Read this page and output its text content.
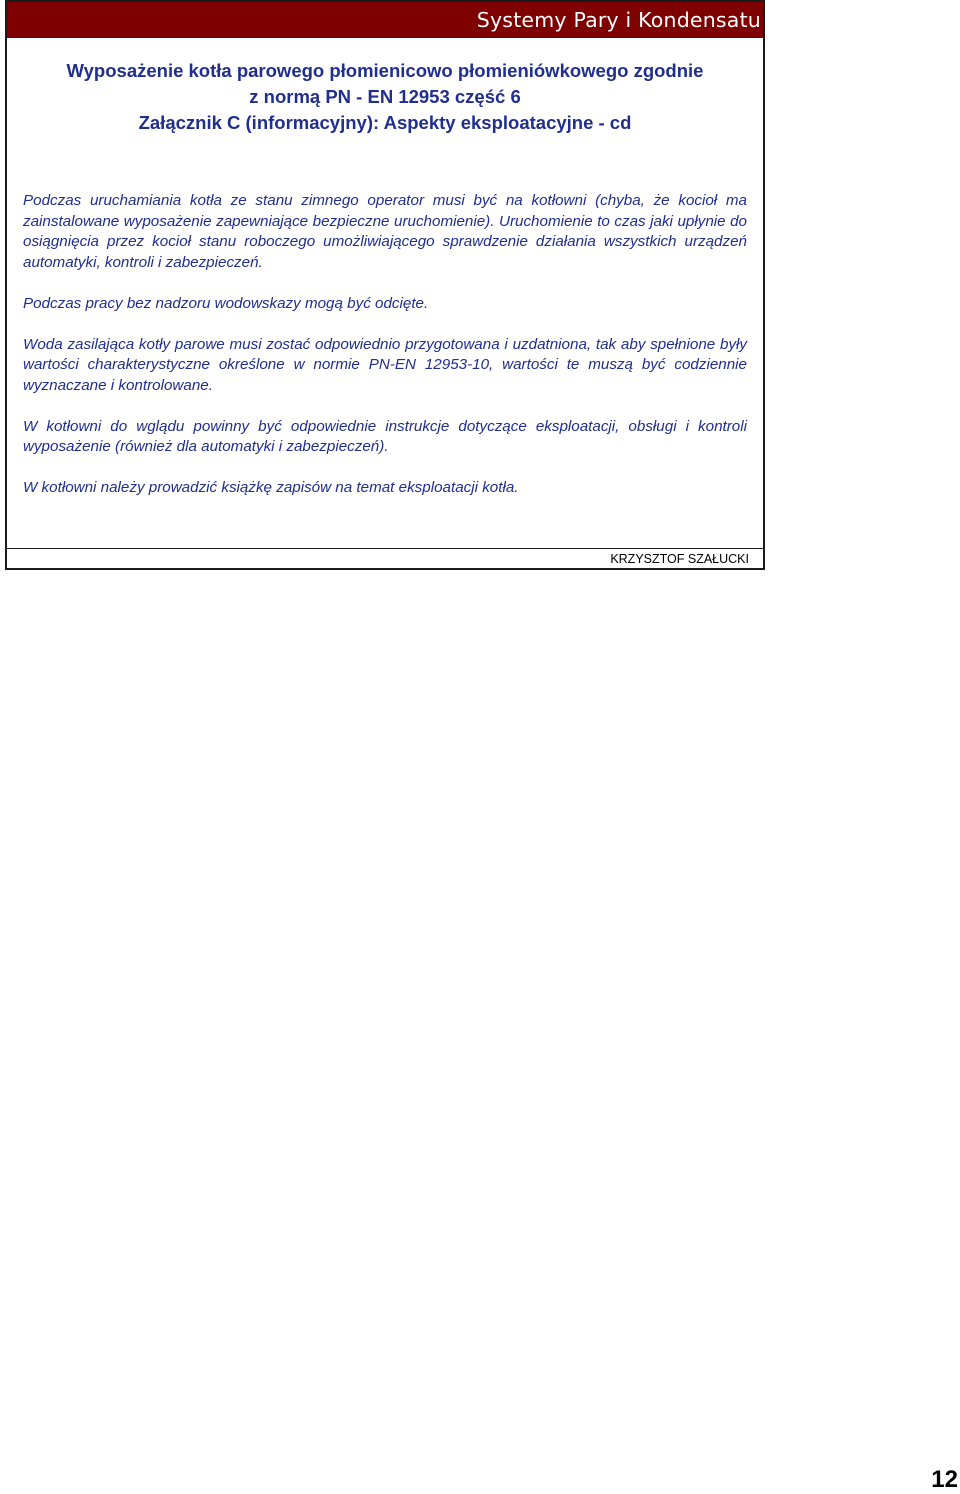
Systemy Pary i Kondensatu
Wyposażenie kotła parowego płomienicowo płomieniówkowego zgodnie
z normą PN - EN 12953 część 6
Załącznik C (informacyjny): Aspekty eksploatacyjne - cd

Podczas uruchamiania kotła ze stanu zimnego operator musi być na kotłowni (chyba, że kocioł ma zainstalowane wyposażenie zapewniające bezpieczne uruchomienie). Uruchomienie to czas jaki upłynie do osiągnięcia przez kocioł stanu roboczego umożliwiającego sprawdzenie działania wszystkich urządzeń automatyki, kontroli i zabezpieczeń.

Podczas pracy bez nadzoru wodowskazy mogą być odcięte.

Woda zasilająca kotły parowe musi zostać odpowiednio przygotowana i uzdatniona, tak aby spełnione były wartości charakterystyczne określone w normie PN-EN 12953-10, wartości te muszą być codziennie wyznaczane i kontrolowane.

W kotłowni do wglądu powinny być odpowiednie instrukcje dotyczące eksploatacji, obsługi i kontroli wyposażenie (również dla automatyki i zabezpieczeń).

W kotłowni należy prowadzić książkę zapisów na temat eksploatacji kotła.

KRZYSZTOF SZAŁUCKI
12
